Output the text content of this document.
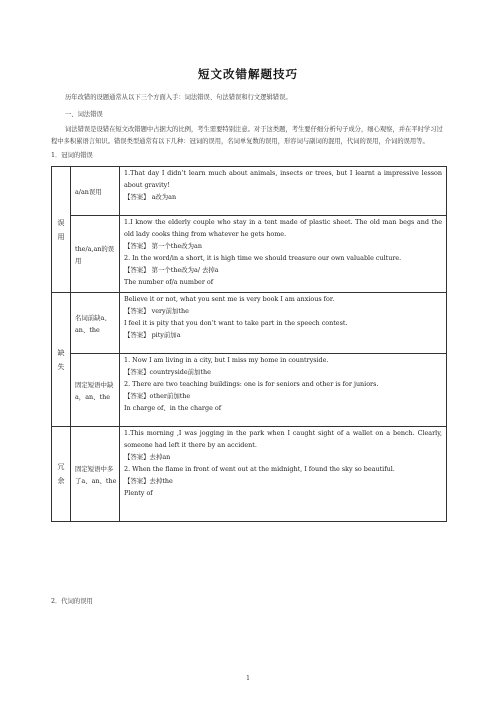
短文改错解题技巧
历年改错的设题通常从以下三个方面入手：词法错误、句法错误和行文逻辑错误。
一、词法错误
词法错误是设错在短文改错题中占据大的比例，考生需要特别注意。对于这类题，考生要仔细分析句子成分，细心观察，并在平时学习过程中多积累语言知识。错误类型通常有以下几种：冠词的误用，名词单复数的误用，形容词与副词的混用，代词的误用，介词的误用等。
1．冠词的错误
误
用	a/an误用	1.That day I didn’t learn much about animals, insects or trees, but I learnt a impressive lesson about gravity!
【答案】 a改为an

	the/a,an的误用	1.I know the elderly couple who stay in a tent made of plastic sheet. The old man begs and the old lady cooks thing from whatever he gets home.
【答案】 第一个the改为an
2. In the word/in a short, it is high time we should treasure our own valuable culture.
【答案】 第一个the改为a/ 去掉a
The number of/a number of

缺
失	名词前缺a、an、the	Believe it or not, what you sent me is very book I am anxious for.
【答案】 very前加the
I feel it is pity that you don’t want to take part in the speech contest.
【答案】 pity前加a

	固定短语中缺a，an、the	1. Now I am living in a city, but I miss my home in countryside.
【答案】countryside前加the
2. There are two teaching buildings: one is for seniors and other is for juniors.
【答案】other前加the
In charge of、in the charge of

冗
余	固定短语中多了a、an、the	1.This morning ,I was jogging in the park when I caught sight of a wallet on a bench. Clearly, someone had left it there by an accident.
【答案】去掉an
2. When the flame in front of went out at the midnight, I found the sky so beautiful.
【答案】去掉the
Plenty of
2．代词的误用
1
